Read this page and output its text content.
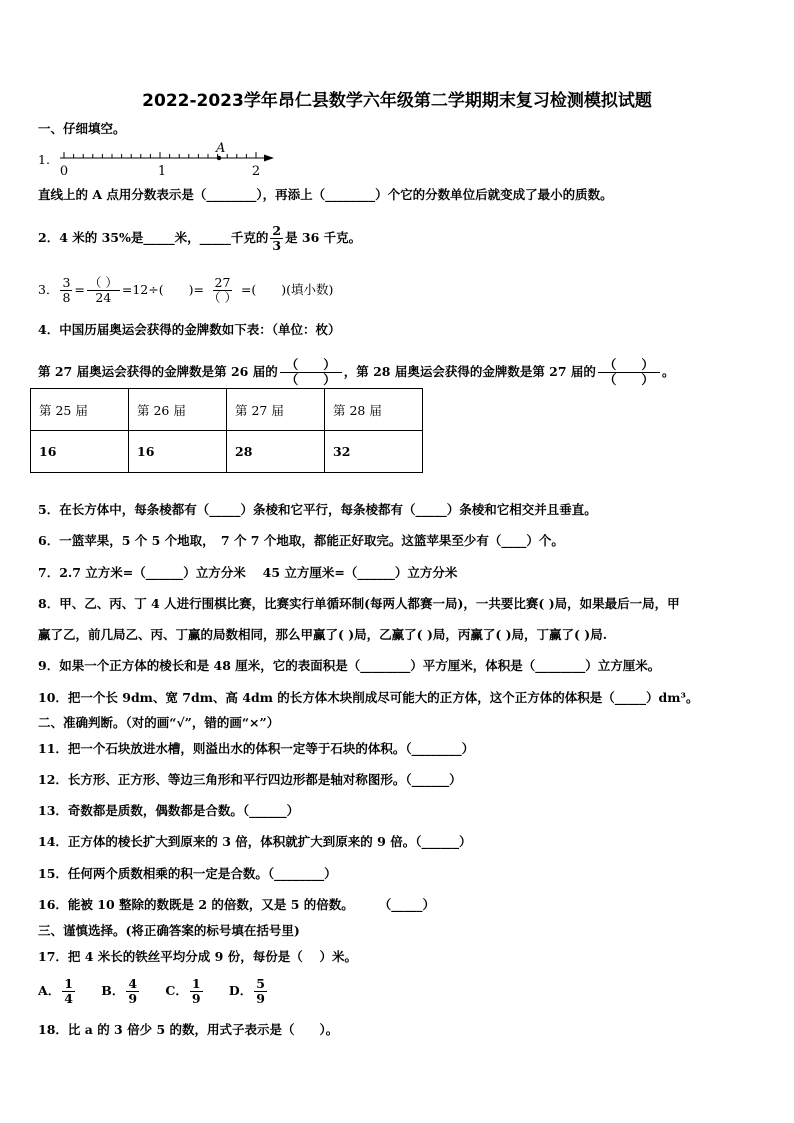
2022-2023学年昂仁县数学六年级第二学期期末复习检测模拟试题
一、仔细填空。
1.
A
0	1	2
直线上的 A 点用分数表示是（________），再添上（________）个它的分数单位后就变成了最小的质数。
2．4 米的 35%是_____米，_____千克的 $\frac{2}{3}$ 是 36 千克。
3． $\frac{3}{8} = \frac{( )}{24} =12\div$(　　)= $\frac{27}{( )}$ =(　　)(填小数)
4．中国历届奥运会获得的金牌数如下表：（单位：枚）
第 27 届奥运会获得的金牌数是第 26 届的 $\frac{( )}{( )}$ ，第 28 届奥运会获得的金牌数是第 27 届的 $\frac{( )}{( )}$ 。
第 25 届	第 26 届	第 27 届	第 28 届
16	16	28	32
5．在长方体中，每条棱都有（_____）条棱和它平行，每条棱都有（_____）条棱和它相交并且垂直。
6．一篮苹果，5 个 5 个地取，　7 个 7 个地取，都能正好取完。这篮苹果至少有（____）个。
7．2.7 立方米=（______）立方分米　 45 立方厘米=（______）立方分米
8．甲、乙、丙、丁 4 人进行围棋比赛，比赛实行单循环制(每两人都赛一局)，一共要比赛( )局，如果最后一局，甲
赢了乙，前几局乙、丙、丁赢的局数相同，那么甲赢了( )局，乙赢了( )局，丙赢了( )局，丁赢了( )局.
9．如果一个正方体的棱长和是 48 厘米，它的表面积是（________）平方厘米，体积是（________）立方厘米。
10．把一个长 9dm、宽 7dm、高 4dm 的长方体木块削成尽可能大的正方体，这个正方体的体积是（_____）dm³。
二、准确判断。（对的画“√”，错的画“×”）
11．把一个石块放进水槽，则溢出水的体积一定等于石块的体积。（________）
12．长方形、正方形、等边三角形和平行四边形都是轴对称图形。（______）
13．奇数都是质数，偶数都是合数。（______）
14．正方体的棱长扩大到原来的 3 倍，体积就扩大到原来的 9 倍。（______）
15．任何两个质数相乘的积一定是合数。（________）
16．能被 10 整除的数既是 2 的倍数，又是 5 的倍数。　　　（_____）
三、谨慎选择。(将正确答案的标号填在括号里)
17．把 4 米长的铁丝平均分成 9 份，每份是（　 ）米。
A． $\frac{1}{4}$ B． $\frac{4}{9}$ C． $\frac{1}{9}$ D． $\frac{5}{9}$
18．比 a 的 3 倍少 5 的数，用式子表示是（　　）。
